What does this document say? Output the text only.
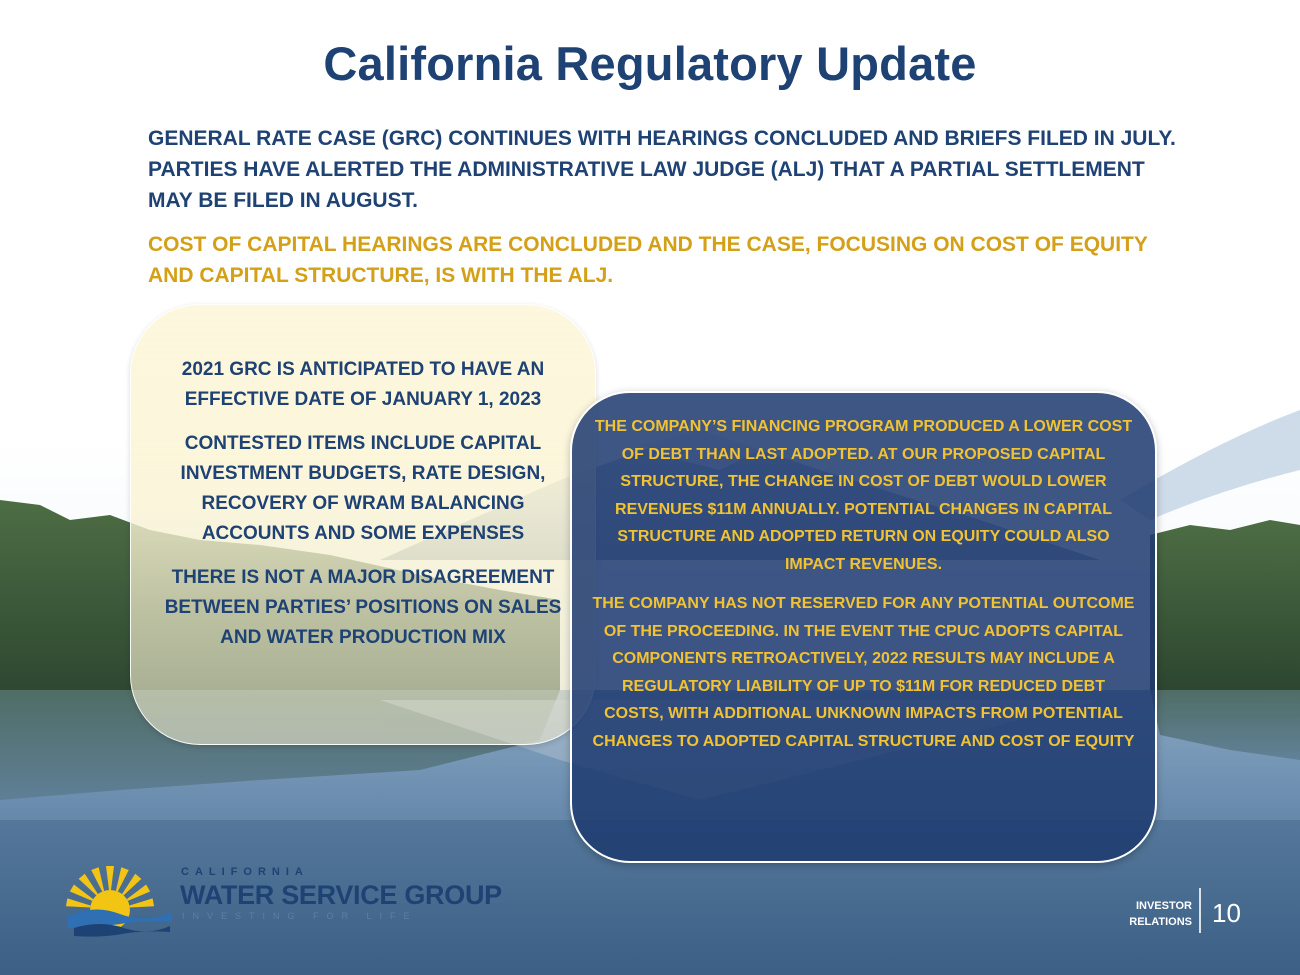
California Regulatory Update
GENERAL RATE CASE (GRC) CONTINUES WITH HEARINGS CONCLUDED AND BRIEFS FILED IN JULY. PARTIES HAVE ALERTED THE ADMINISTRATIVE LAW JUDGE (ALJ) THAT A PARTIAL SETTLEMENT MAY BE FILED IN AUGUST.
COST OF CAPITAL HEARINGS ARE CONCLUDED AND THE CASE, FOCUSING ON COST OF EQUITY AND CAPITAL STRUCTURE, IS WITH THE ALJ.

2021 GRC IS ANTICIPATED TO HAVE AN EFFECTIVE DATE OF JANUARY 1, 2023

CONTESTED ITEMS INCLUDE CAPITAL INVESTMENT BUDGETS, RATE DESIGN, RECOVERY OF WRAM BALANCING ACCOUNTS AND SOME EXPENSES

THERE IS NOT A MAJOR DISAGREEMENT BETWEEN PARTIES’ POSITIONS ON SALES AND WATER PRODUCTION MIX

THE COMPANY’S FINANCING PROGRAM PRODUCED A LOWER COST OF DEBT THAN LAST ADOPTED. AT OUR PROPOSED CAPITAL STRUCTURE, THE CHANGE IN COST OF DEBT WOULD LOWER REVENUES $11M ANNUALLY. POTENTIAL CHANGES IN CAPITAL STRUCTURE AND ADOPTED RETURN ON EQUITY COULD ALSO IMPACT REVENUES.

THE COMPANY HAS NOT RESERVED FOR ANY POTENTIAL OUTCOME OF THE PROCEEDING. IN THE EVENT THE CPUC ADOPTS CAPITAL COMPONENTS RETROACTIVELY, 2022 RESULTS MAY INCLUDE A REGULATORY LIABILITY OF UP TO $11M FOR REDUCED DEBT COSTS, WITH ADDITIONAL UNKNOWN IMPACTS FROM POTENTIAL CHANGES TO ADOPTED CAPITAL STRUCTURE AND COST OF EQUITY

CALIFORNIA
WATER SERVICE GROUP
INVESTING FOR LIFE
INVESTOR
RELATIONS 10
